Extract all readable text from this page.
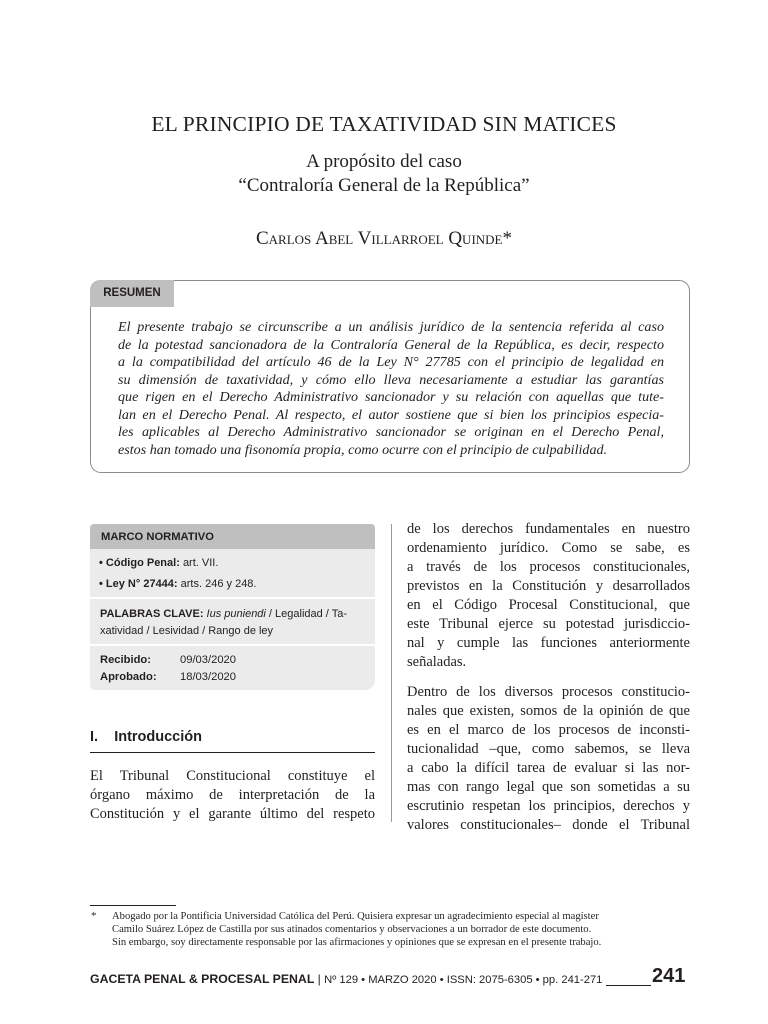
EL PRINCIPIO DE TAXATIVIDAD SIN MATICES
A propósito del caso
“Contraloría General de la República”
Carlos Abel Villarroel Quinde*
RESUMEN
El presente trabajo se circunscribe a un análisis jurídico de la sentencia referida al caso
de la potestad sancionadora de la Contraloría General de la República, es decir, respecto
a la compatibilidad del artículo 46 de la Ley N° 27785 con el principio de legalidad en
su dimensión de taxatividad, y cómo ello lleva necesariamente a estudiar las garantías
que rigen en el Derecho Administrativo sancionador y su relación con aquellas que tute-
lan en el Derecho Penal. Al respecto, el autor sostiene que si bien los principios especia-
les aplicables al Derecho Administrativo sancionador se originan en el Derecho Penal,
estos han tomado una fisonomía propia, como ocurre con el principio de culpabilidad.
MARCO NORMATIVO
• Código Penal: art. VII.
• Ley N° 27444: arts. 246 y 248.
PALABRAS CLAVE: Ius puniendi / Legalidad / Ta-
xatividad / Lesividad / Rango de ley
Recibido:	09/03/2020
Aprobado: 18/03/2020
I. Introducción
El Tribunal Constitucional constituye el
órgano máximo de interpretación de la
Constitución y el garante último del respeto
de los derechos fundamentales en nuestro
ordenamiento jurídico. Como se sabe, es
a través de los procesos constitucionales,
previstos en la Constitución y desarrollados
en el Código Procesal Constitucional, que
este Tribunal ejerce su potestad jurisdiccio-
nal y cumple las funciones anteriormente
señaladas.
Dentro de los diversos procesos constitucio-
nales que existen, somos de la opinión de que
es en el marco de los procesos de inconsti-
tucionalidad –que, como sabemos, se lleva
a cabo la difícil tarea de evaluar si las nor-
mas con rango legal que son sometidas a su
escrutinio respetan los principios, derechos y
valores constitucionales– donde el Tribunal
* Abogado por la Pontificia Universidad Católica del Perú. Quisiera expresar un agradecimiento especial al magíster
Camilo Suárez López de Castilla por sus atinados comentarios y observaciones a un borrador de este documento.
Sin embargo, soy directamente responsable por las afirmaciones y opiniones que se expresan en el presente trabajo.
GACETA PENAL & PROCESAL PENAL | Nº 129 • MARZO 2020 • ISSN: 2075-6305 • pp. 241-271 241
